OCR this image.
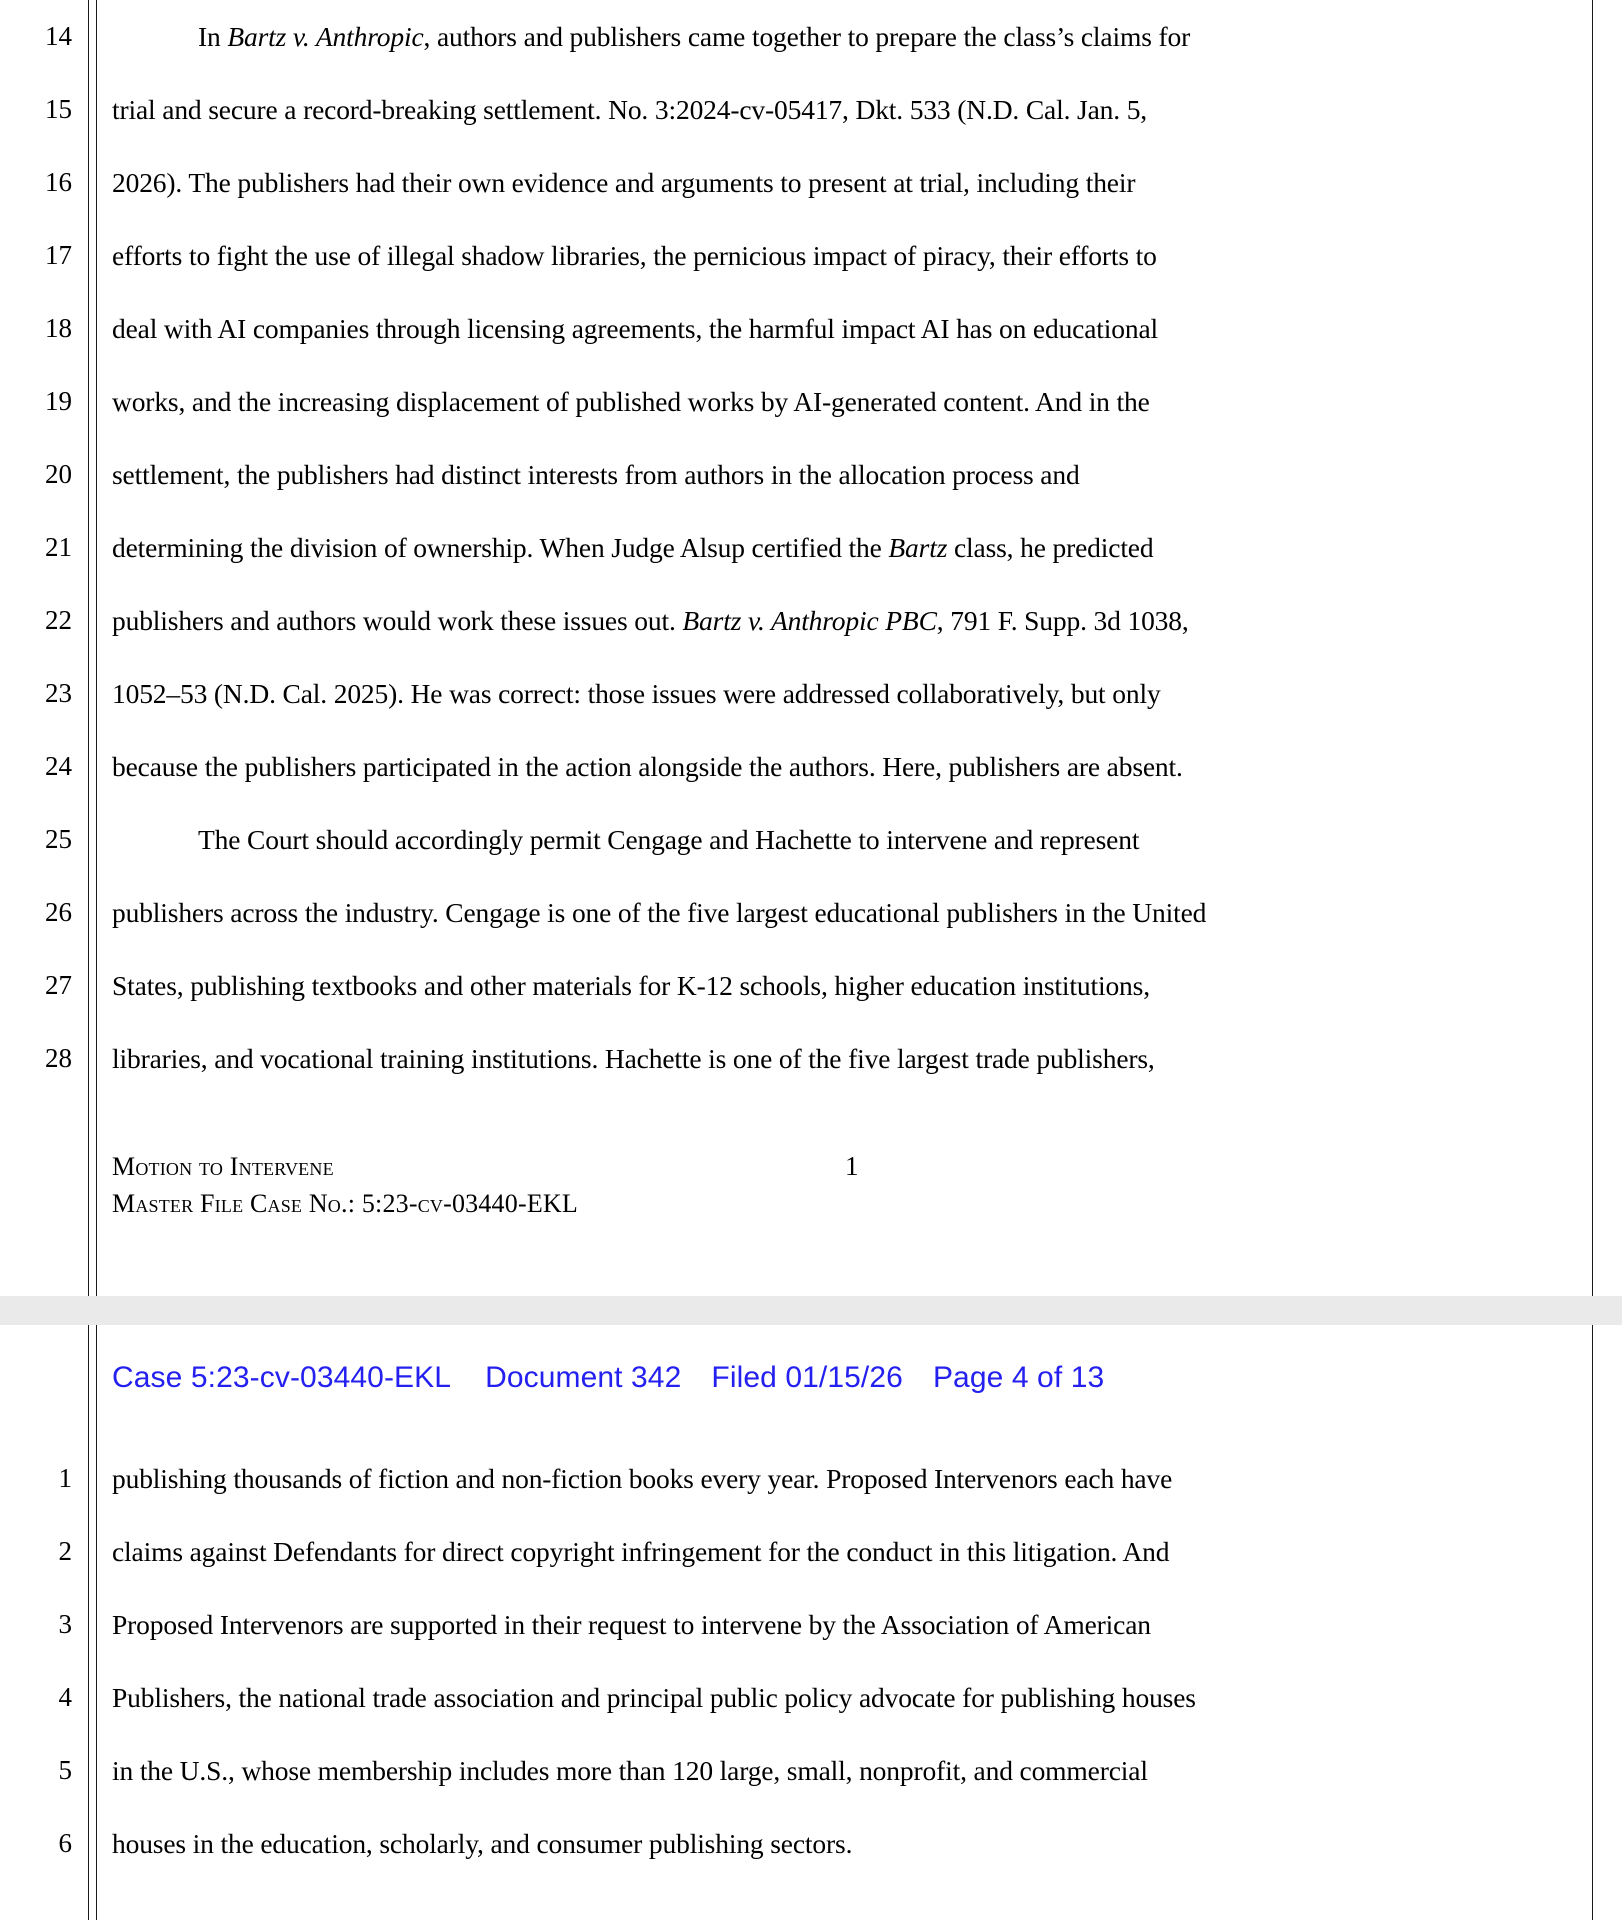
14	In Bartz v. Anthropic, authors and publishers came together to prepare the class’s claims for
15 trial and secure a record-breaking settlement. No. 3:2024-cv-05417, Dkt. 533 (N.D. Cal. Jan. 5,
16 2026). The publishers had their own evidence and arguments to present at trial, including their
17 efforts to fight the use of illegal shadow libraries, the pernicious impact of piracy, their efforts to
18 deal with AI companies through licensing agreements, the harmful impact AI has on educational
19 works, and the increasing displacement of published works by AI-generated content. And in the
20 settlement, the publishers had distinct interests from authors in the allocation process and
21 determining the division of ownership. When Judge Alsup certified the Bartz class, he predicted
22 publishers and authors would work these issues out. Bartz v. Anthropic PBC, 791 F. Supp. 3d 1038,
23 1052–53 (N.D. Cal. 2025). He was correct: those issues were addressed collaboratively, but only
24 because the publishers participated in the action alongside the authors. Here, publishers are absent.
25	The Court should accordingly permit Cengage and Hachette to intervene and represent
26 publishers across the industry. Cengage is one of the five largest educational publishers in the United
27 States, publishing textbooks and other materials for K-12 schools, higher education institutions,
28 libraries, and vocational training institutions. Hachette is one of the five largest trade publishers,
Motion to Intervene
Master File Case No.: 5:23-cv-03440-EKL
1
Case 5:23-cv-03440-EKL Document 342 Filed 01/15/26 Page 4 of 13
1 publishing thousands of fiction and non-fiction books every year. Proposed Intervenors each have
2 claims against Defendants for direct copyright infringement for the conduct in this litigation. And
3 Proposed Intervenors are supported in their request to intervene by the Association of American
4 Publishers, the national trade association and principal public policy advocate for publishing houses
5 in the U.S., whose membership includes more than 120 large, small, nonprofit, and commercial
6 houses in the education, scholarly, and consumer publishing sectors.
